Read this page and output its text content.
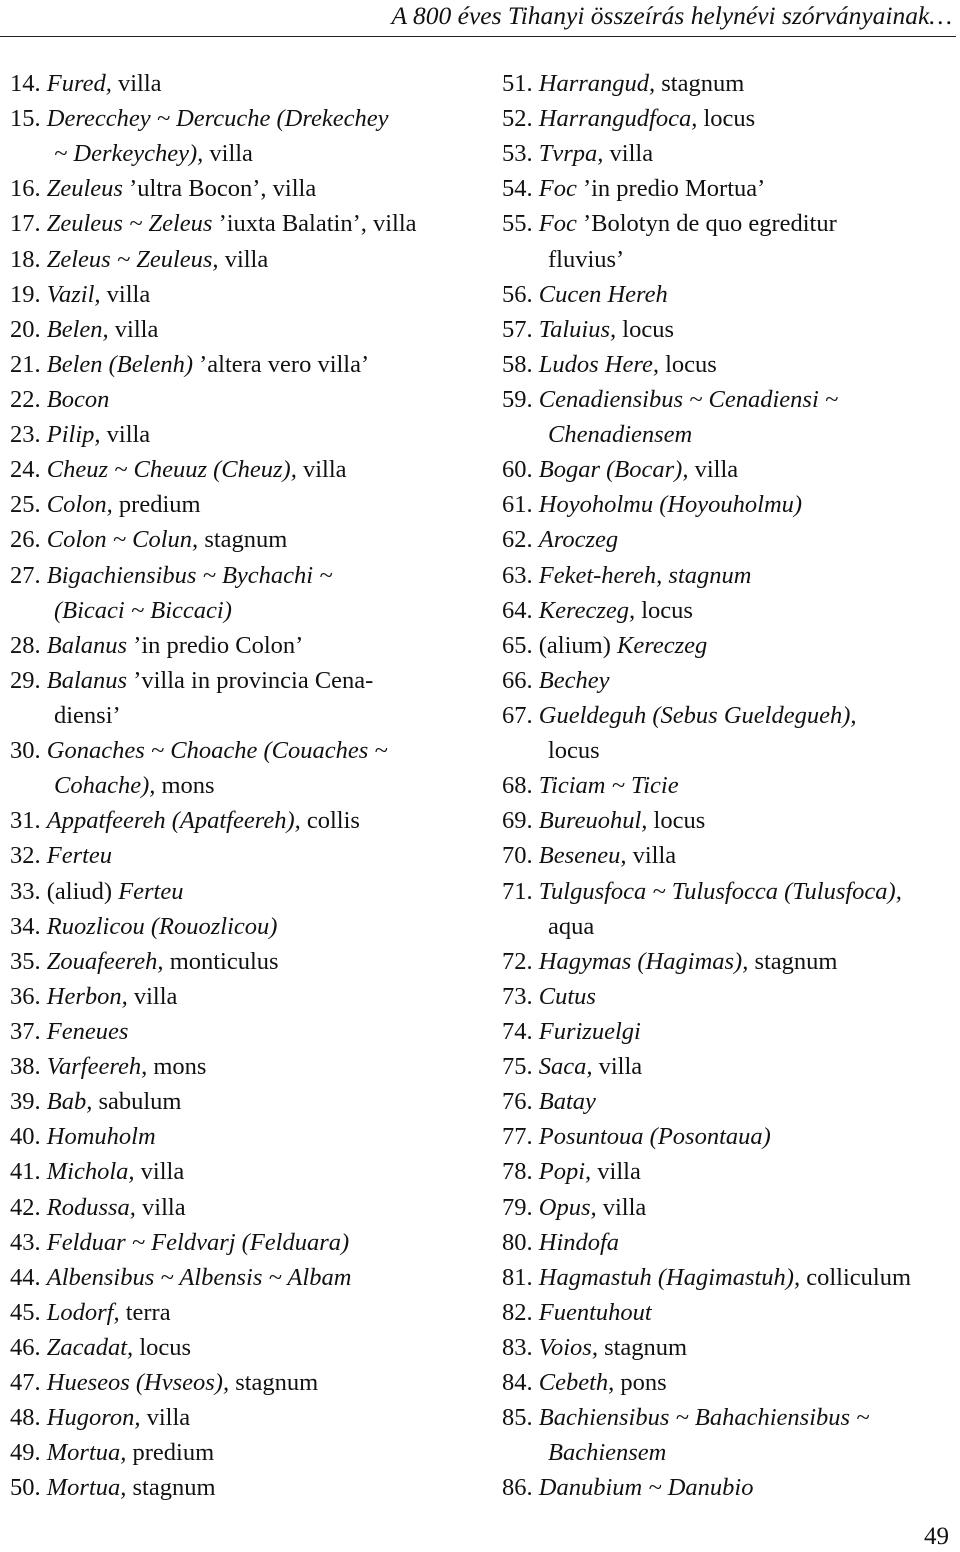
A 800 éves Tihanyi összeírás helynévi szórványainak…
14. Fured, villa
15. Derecchey ~ Dercuche (Drekechey
~ Derkeychey), villa
16. Zeuleus ’ultra Bocon’, villa
17. Zeuleus ~ Zeleus ’iuxta Balatin’, villa
18. Zeleus ~ Zeuleus, villa
19. Vazil, villa
20. Belen, villa
21. Belen (Belenh) ’altera vero villa’
22. Bocon
23. Pilip, villa
24. Cheuz ~ Cheuuz (Cheuz), villa
25. Colon, predium
26. Colon ~ Colun, stagnum
27. Bigachiensibus ~ Bychachi ~
(Bicaci ~ Biccaci)
28. Balanus ’in predio Colon’
29. Balanus ’villa in provincia Cena-
diensi’
30. Gonaches ~ Choache (Couaches ~
Cohache), mons
31. Appatfeereh (Apatfeereh), collis
32. Ferteu
33. (aliud) Ferteu
34. Ruozlicou (Rouozlicou)
35. Zouafeereh, monticulus
36. Herbon, villa
37. Feneues
38. Varfeereh, mons
39. Bab, sabulum
40. Homuholm
41. Michola, villa
42. Rodussa, villa
43. Felduar ~ Feldvarj (Felduara)
44. Albensibus ~ Albensis ~ Albam
45. Lodorf, terra
46. Zacadat, locus
47. Hueseos (Hvseos), stagnum
48. Hugoron, villa
49. Mortua, predium
50. Mortua, stagnum
51. Harrangud, stagnum
52. Harrangudfoca, locus
53. Tvrpa, villa
54. Foc ’in predio Mortua’
55. Foc ’Bolotyn de quo egreditur
fluvius’
56. Cucen Hereh
57. Taluius, locus
58. Ludos Here, locus
59. Cenadiensibus ~ Cenadiensi ~
Chenadiensem
60. Bogar (Bocar), villa
61. Hoyoholmu (Hoyouholmu)
62. Aroczeg
63. Feket-hereh, stagnum
64. Kereczeg, locus
65. (alium) Kereczeg
66. Bechey
67. Gueldeguh (Sebus Gueldegueh),
locus
68. Ticiam ~ Ticie
69. Bureuohul, locus
70. Beseneu, villa
71. Tulgusfoca ~ Tulusfocca (Tulusfoca),
aqua
72. Hagymas (Hagimas), stagnum
73. Cutus
74. Furizuelgi
75. Saca, villa
76. Batay
77. Posuntoua (Posontaua)
78. Popi, villa
79. Opus, villa
80. Hindofa
81. Hagmastuh (Hagimastuh), colliculum
82. Fuentuhout
83. Voios, stagnum
84. Cebeth, pons
85. Bachiensibus ~ Bahachiensibus ~
Bachiensem
86. Danubium ~ Danubio
49
